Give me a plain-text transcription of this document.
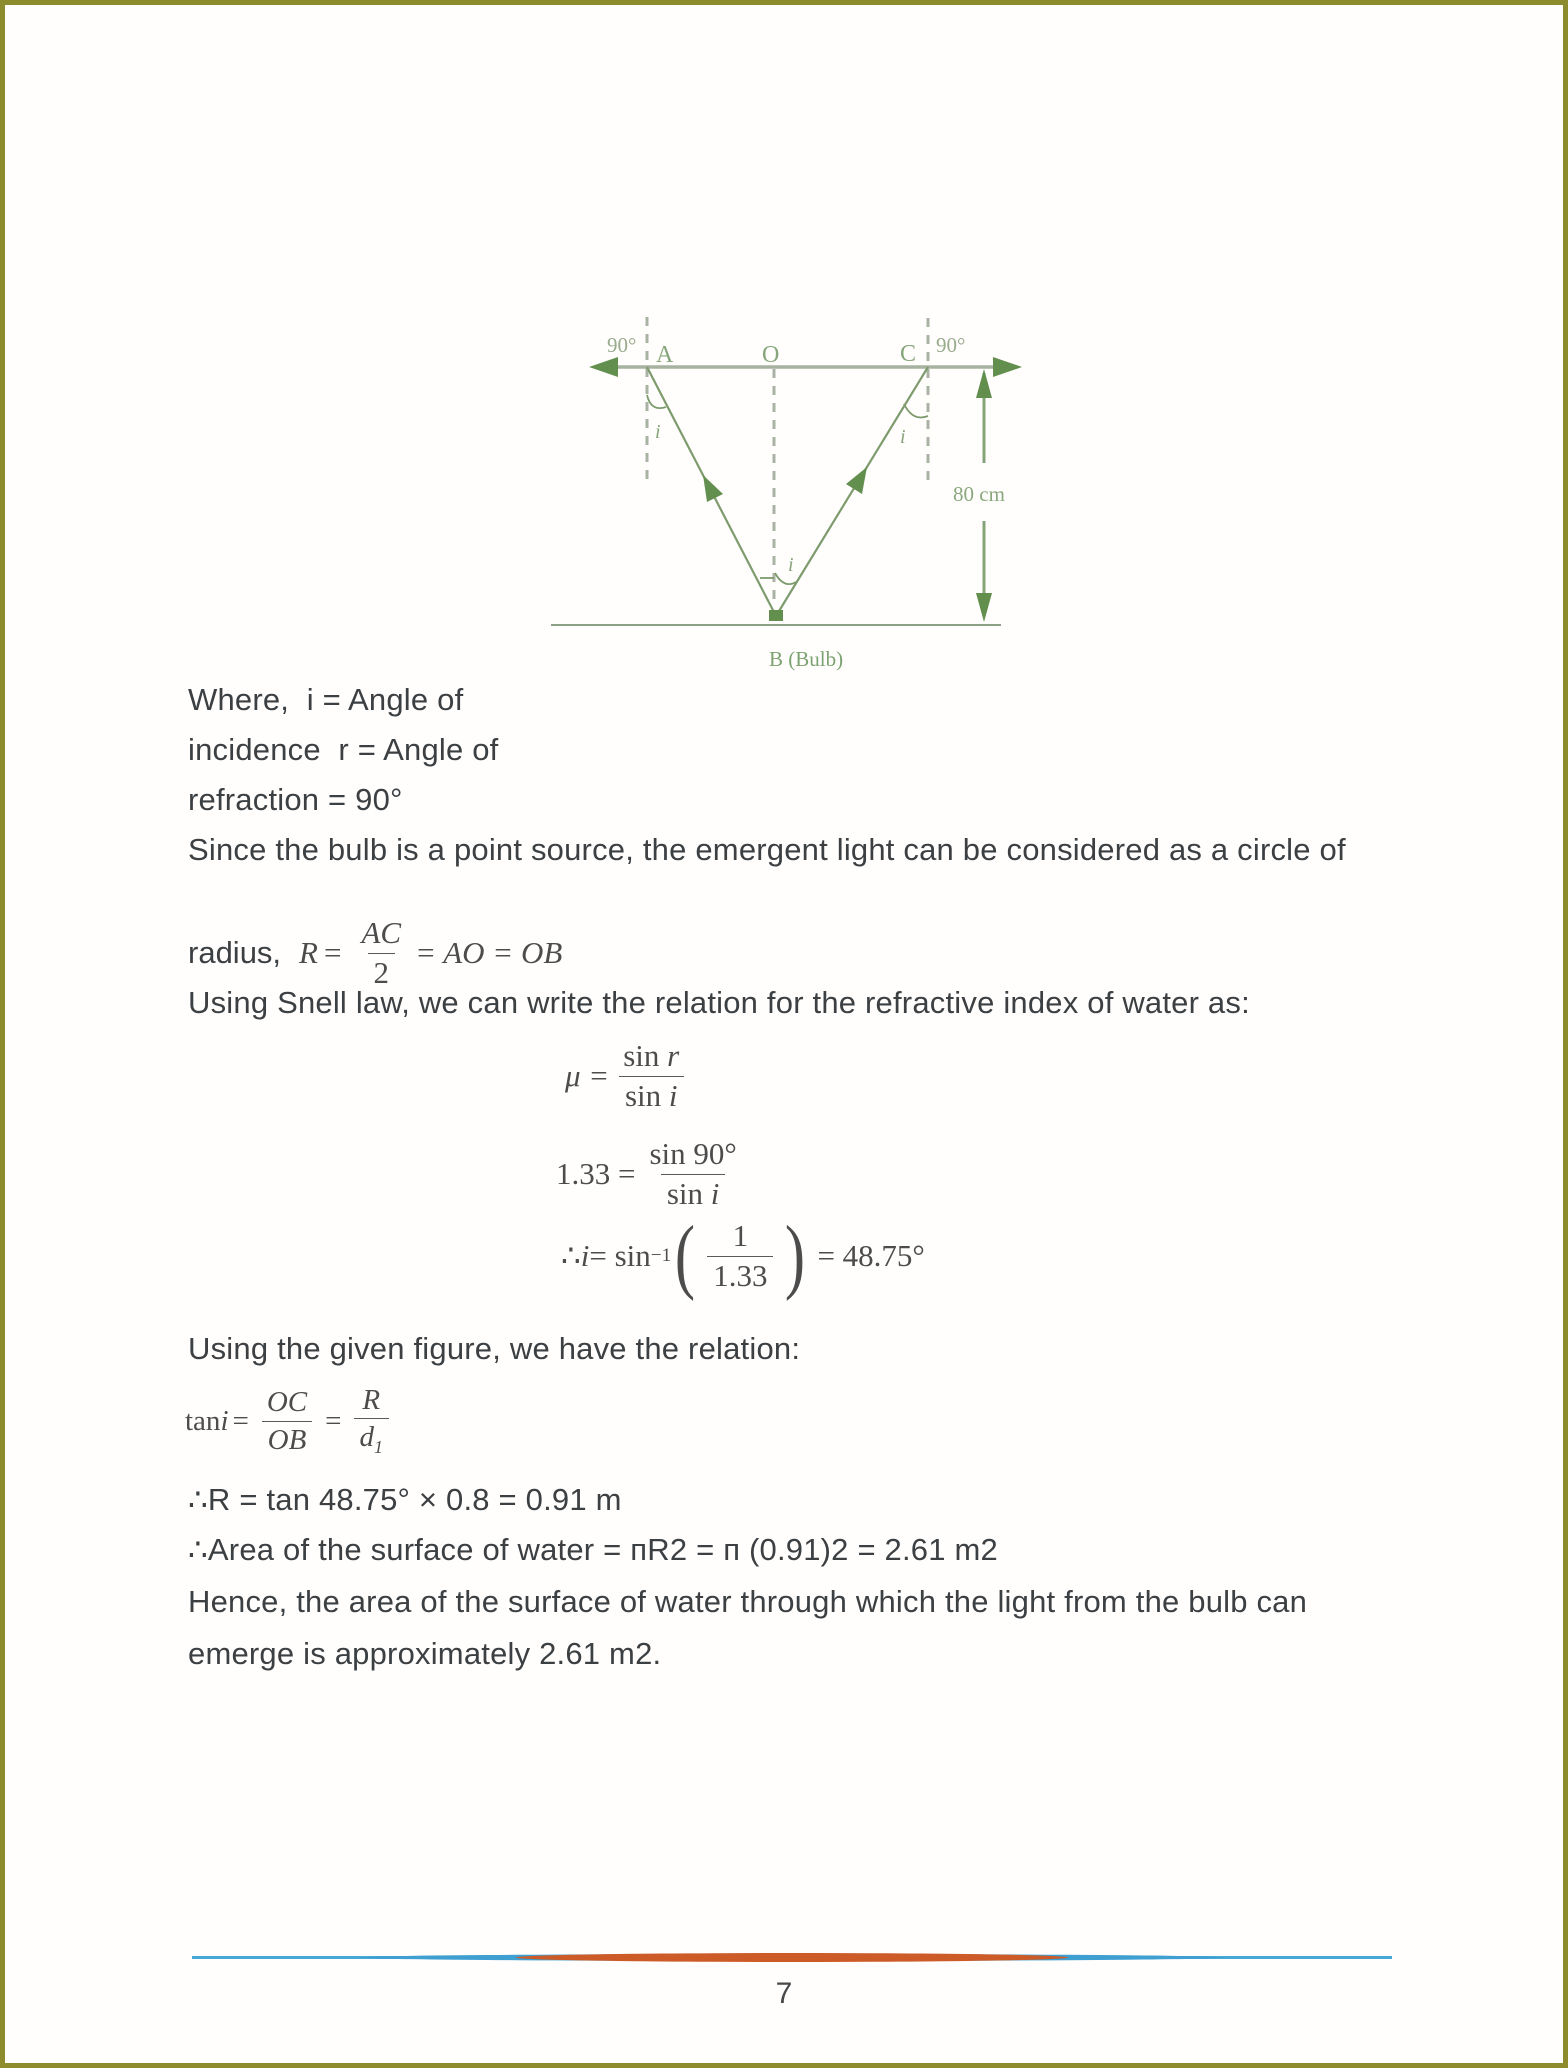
90° A	O	C 90°
80 cm
B (Bulb)
i	i
i
Where,  i = Angle of
incidence  r = Angle of
refraction = 90°
Since the bulb is a point source, the emergent light can be considered as a circle of
radius, $R = \frac{AC}{2}$ = AO = OB
Using Snell law, we can write the relation for the refractive index of water as:
$\mu = \frac{\text{sin r}}{\text{sin i}}$
$1.33 = \frac{\sin 90^\circ}{\text{sin i}}$
∴ i = sin −1 ( $\frac{1}{1.33}$ ) = 48.75°
Using the given figure, we have the relation:
$\tan i = \frac{OC}{OB} = \frac{R}{d_1}$
∴R = tan 48.75° × 0.8 = 0.91 m
∴Area of the surface of water = пR2 = п (0.91)2 = 2.61 m2
Hence, the area of the surface of water through which the light from the bulb can
emerge is approximately 2.61 m2.
7
